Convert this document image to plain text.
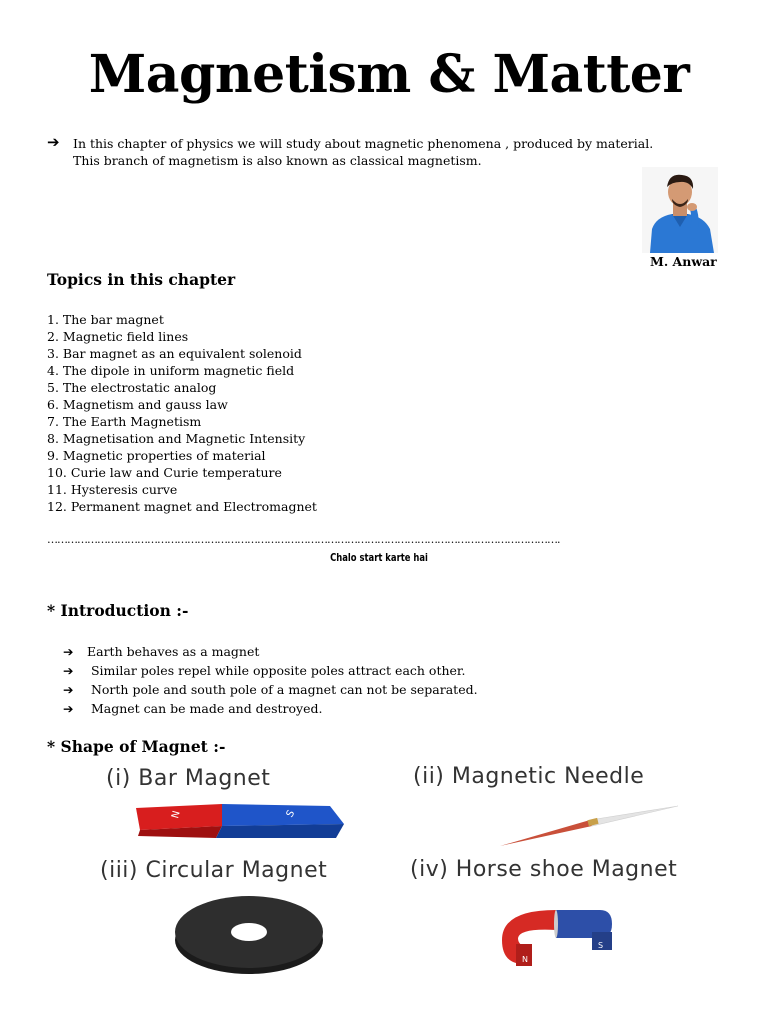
Magnetism & Matter
➔ In this chapter of physics we will study about magnetic phenomena , produced by material.
This branch of magnetism is also known as classical magnetism.
M. Anwar
Topics in this chapter
1. The bar magnet
2. Magnetic field lines
3. Bar magnet as an equivalent solenoid
4. The dipole in uniform magnetic field
5. The electrostatic analog
6. Magnetism and gauss law
7. The Earth Magnetism
8. Magnetisation and Magnetic Intensity
9. Magnetic properties of material
10. Curie law and Curie temperature
11. Hysteresis curve
12. Permanent magnet and Electromagnet
……………………………………………………………………………………………………………………………………….
Chalo start karte hai
* Introduction :-
➔ Earth behaves as a magnet
➔ Similar poles repel while opposite poles attract each other.
➔ North pole and south pole of a magnet can not be separated.
➔ Magnet can be made and destroyed.
* Shape of Magnet :-
(i) Bar Magnet	(ii) Magnetic Needle
(iii) Circular Magnet	(iv) Horse shoe Magnet
N	S
N
S
